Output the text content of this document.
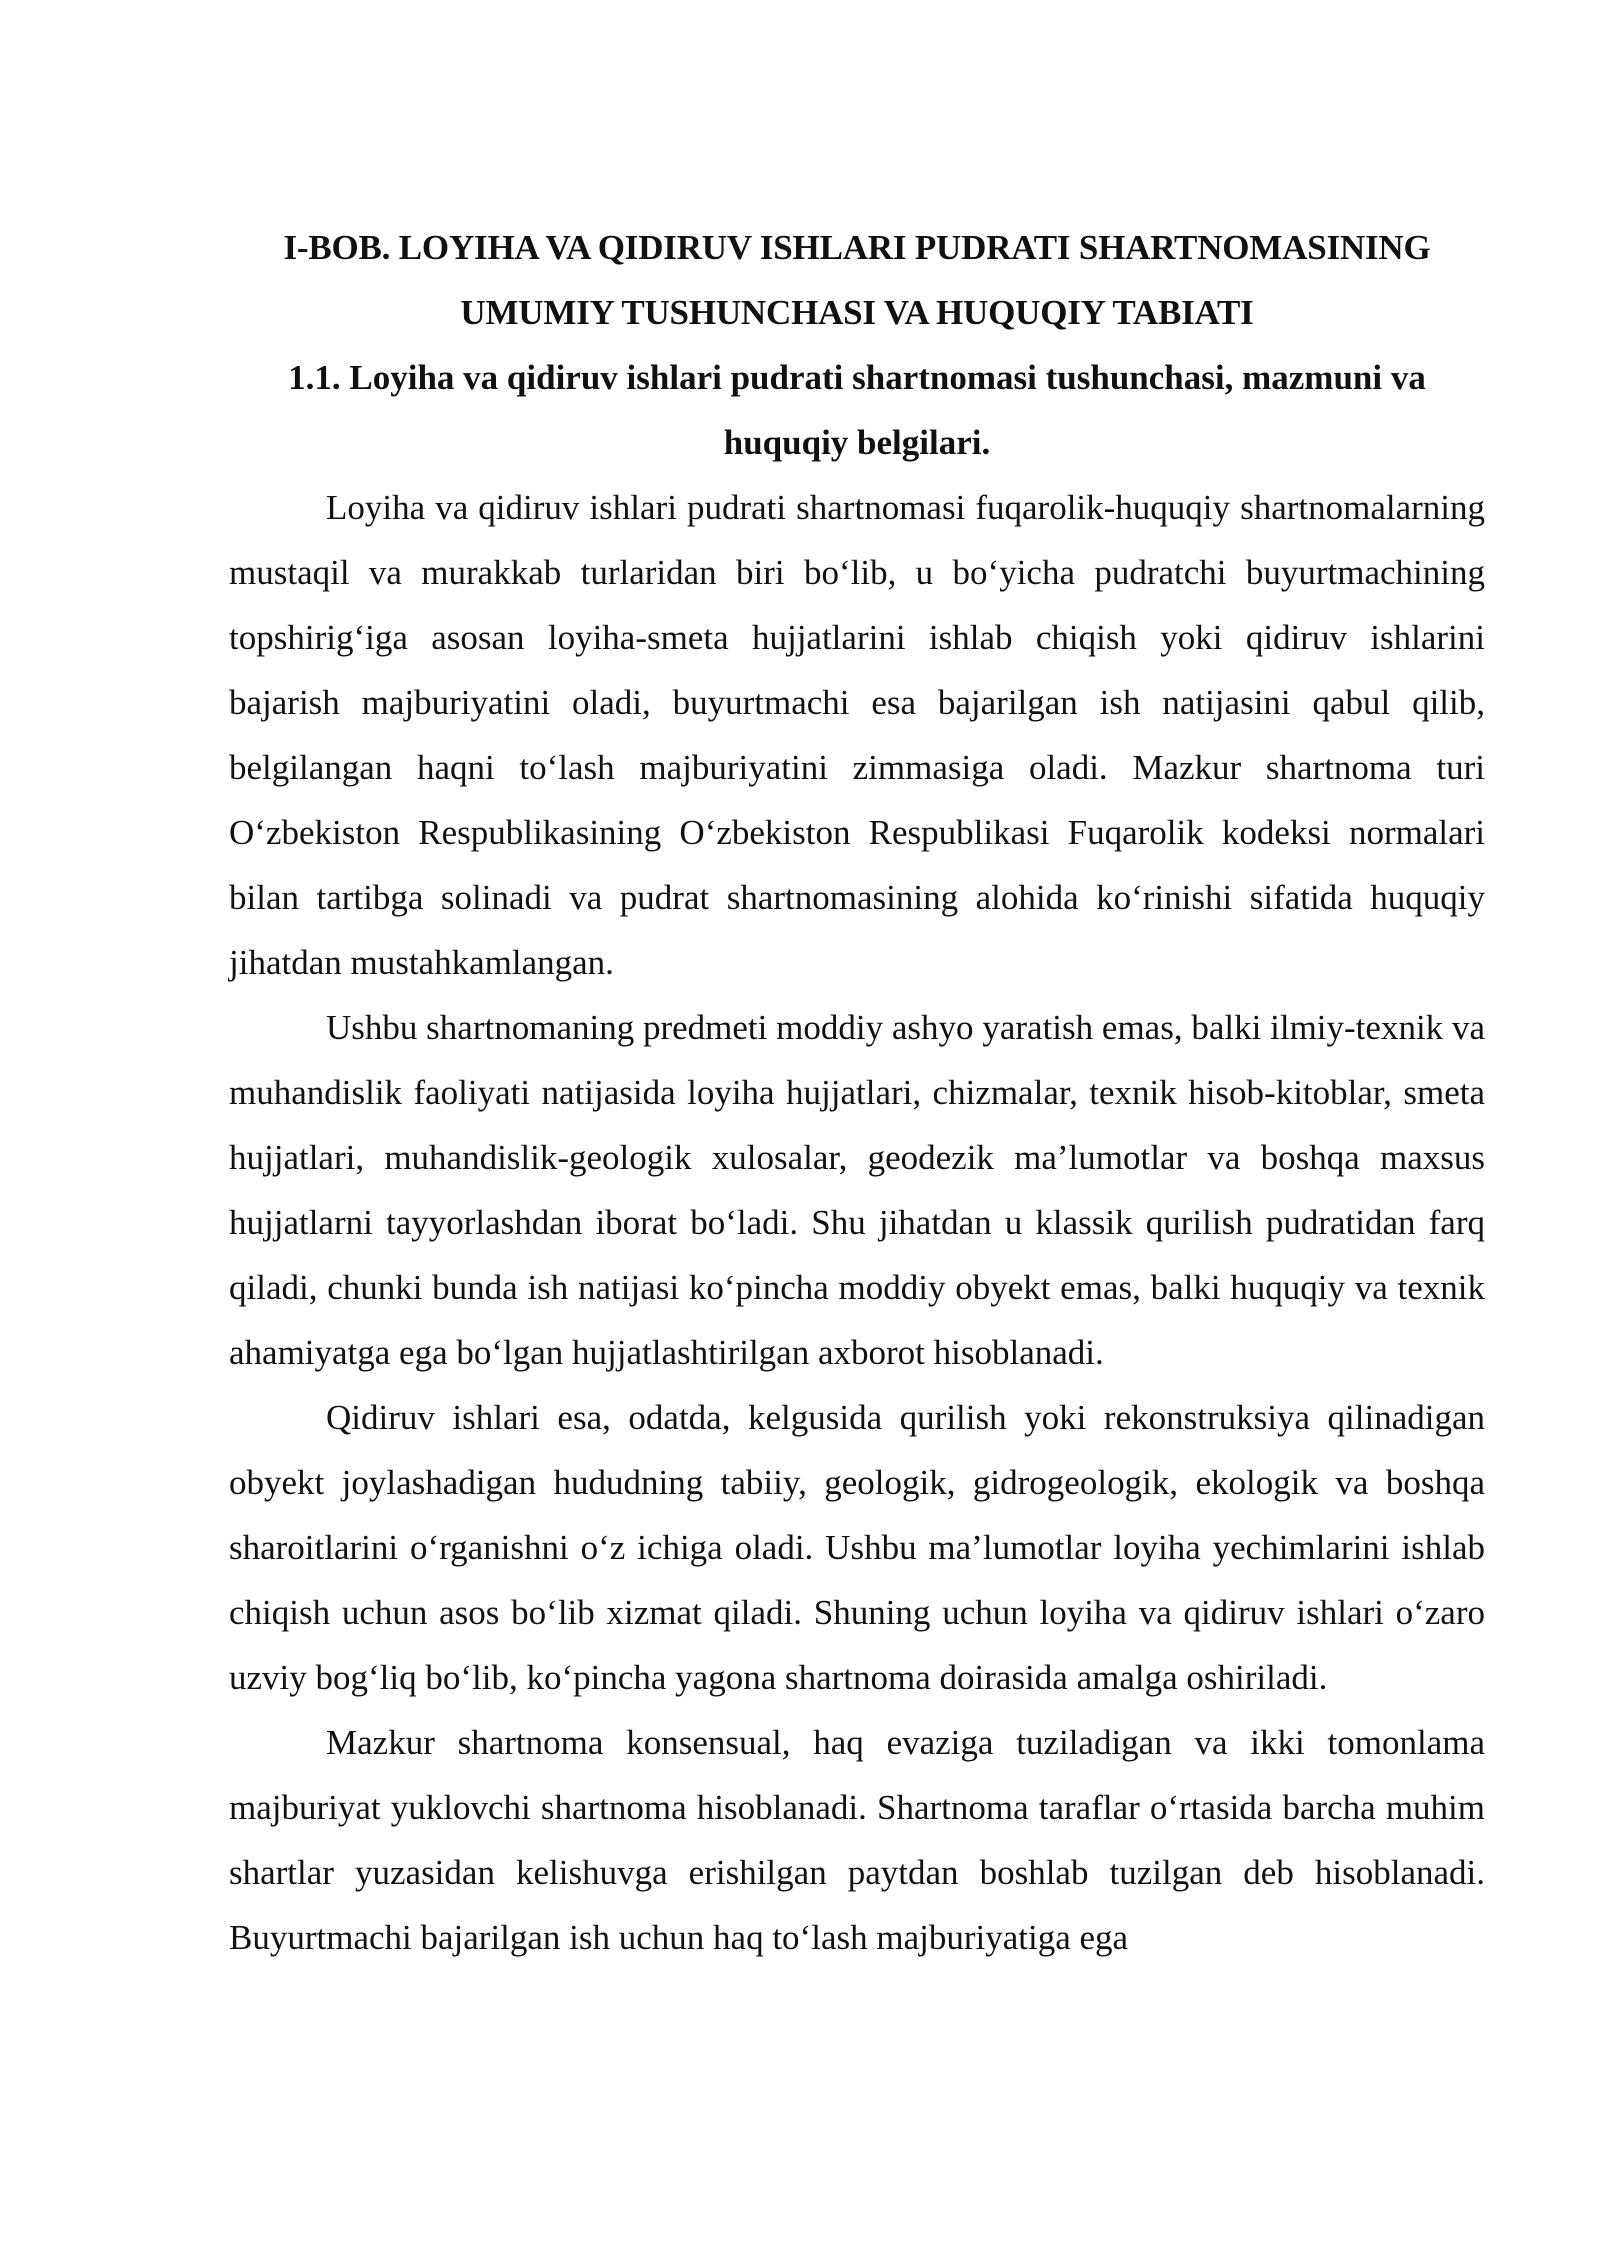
I-BOB. LOYIHA VA QIDIRUV ISHLARI PUDRATI SHARTNOMASINING UMUMIY TUSHUNCHASI VA HUQUQIY TABIATI

1.1. Loyiha va qidiruv ishlari pudrati shartnomasi tushunchasi, mazmuni va huquqiy belgilari.

Loyiha va qidiruv ishlari pudrati shartnomasi fuqarolik-huquqiy shartnomalarning mustaqil va murakkab turlaridan biri bo‘lib, u bo‘yicha pudratchi buyurtmachining topshirig‘iga asosan loyiha-smeta hujjatlarini ishlab chiqish yoki qidiruv ishlarini bajarish majburiyatini oladi, buyurtmachi esa bajarilgan ish natijasini qabul qilib, belgilangan haqni to‘lash majburiyatini zimmasiga oladi. Mazkur shartnoma turi O‘zbekiston Respublikasining O‘zbekiston Respublikasi Fuqarolik kodeksi normalari bilan tartibga solinadi va pudrat shartnomasining alohida ko‘rinishi sifatida huquqiy jihatdan mustahkamlangan.

Ushbu shartnomaning predmeti moddiy ashyo yaratish emas, balki ilmiy-texnik va muhandislik faoliyati natijasida loyiha hujjatlari, chizmalar, texnik hisob-kitoblar, smeta hujjatlari, muhandislik-geologik xulosalar, geodezik ma’lumotlar va boshqa maxsus hujjatlarni tayyorlashdan iborat bo‘ladi. Shu jihatdan u klassik qurilish pudratidan farq qiladi, chunki bunda ish natijasi ko‘pincha moddiy obyekt emas, balki huquqiy va texnik ahamiyatga ega bo‘lgan hujjatlashtirilgan axborot hisoblanadi.

Qidiruv ishlari esa, odatda, kelgusida qurilish yoki rekonstruksiya qilinadigan obyekt joylashadigan hududning tabiiy, geologik, gidrogeologik, ekologik va boshqa sharoitlarini o‘rganishni o‘z ichiga oladi. Ushbu ma’lumotlar loyiha yechimlarini ishlab chiqish uchun asos bo‘lib xizmat qiladi. Shuning uchun loyiha va qidiruv ishlari o‘zaro uzviy bog‘liq bo‘lib, ko‘pincha yagona shartnoma doirasida amalga oshiriladi.

Mazkur shartnoma konsensual, haq evaziga tuziladigan va ikki tomonlama majburiyat yuklovchi shartnoma hisoblanadi. Shartnoma taraflar o‘rtasida barcha muhim shartlar yuzasidan kelishuvga erishilgan paytdan boshlab tuzilgan deb hisoblanadi. Buyurtmachi bajarilgan ish uchun haq to‘lash majburiyatiga ega
